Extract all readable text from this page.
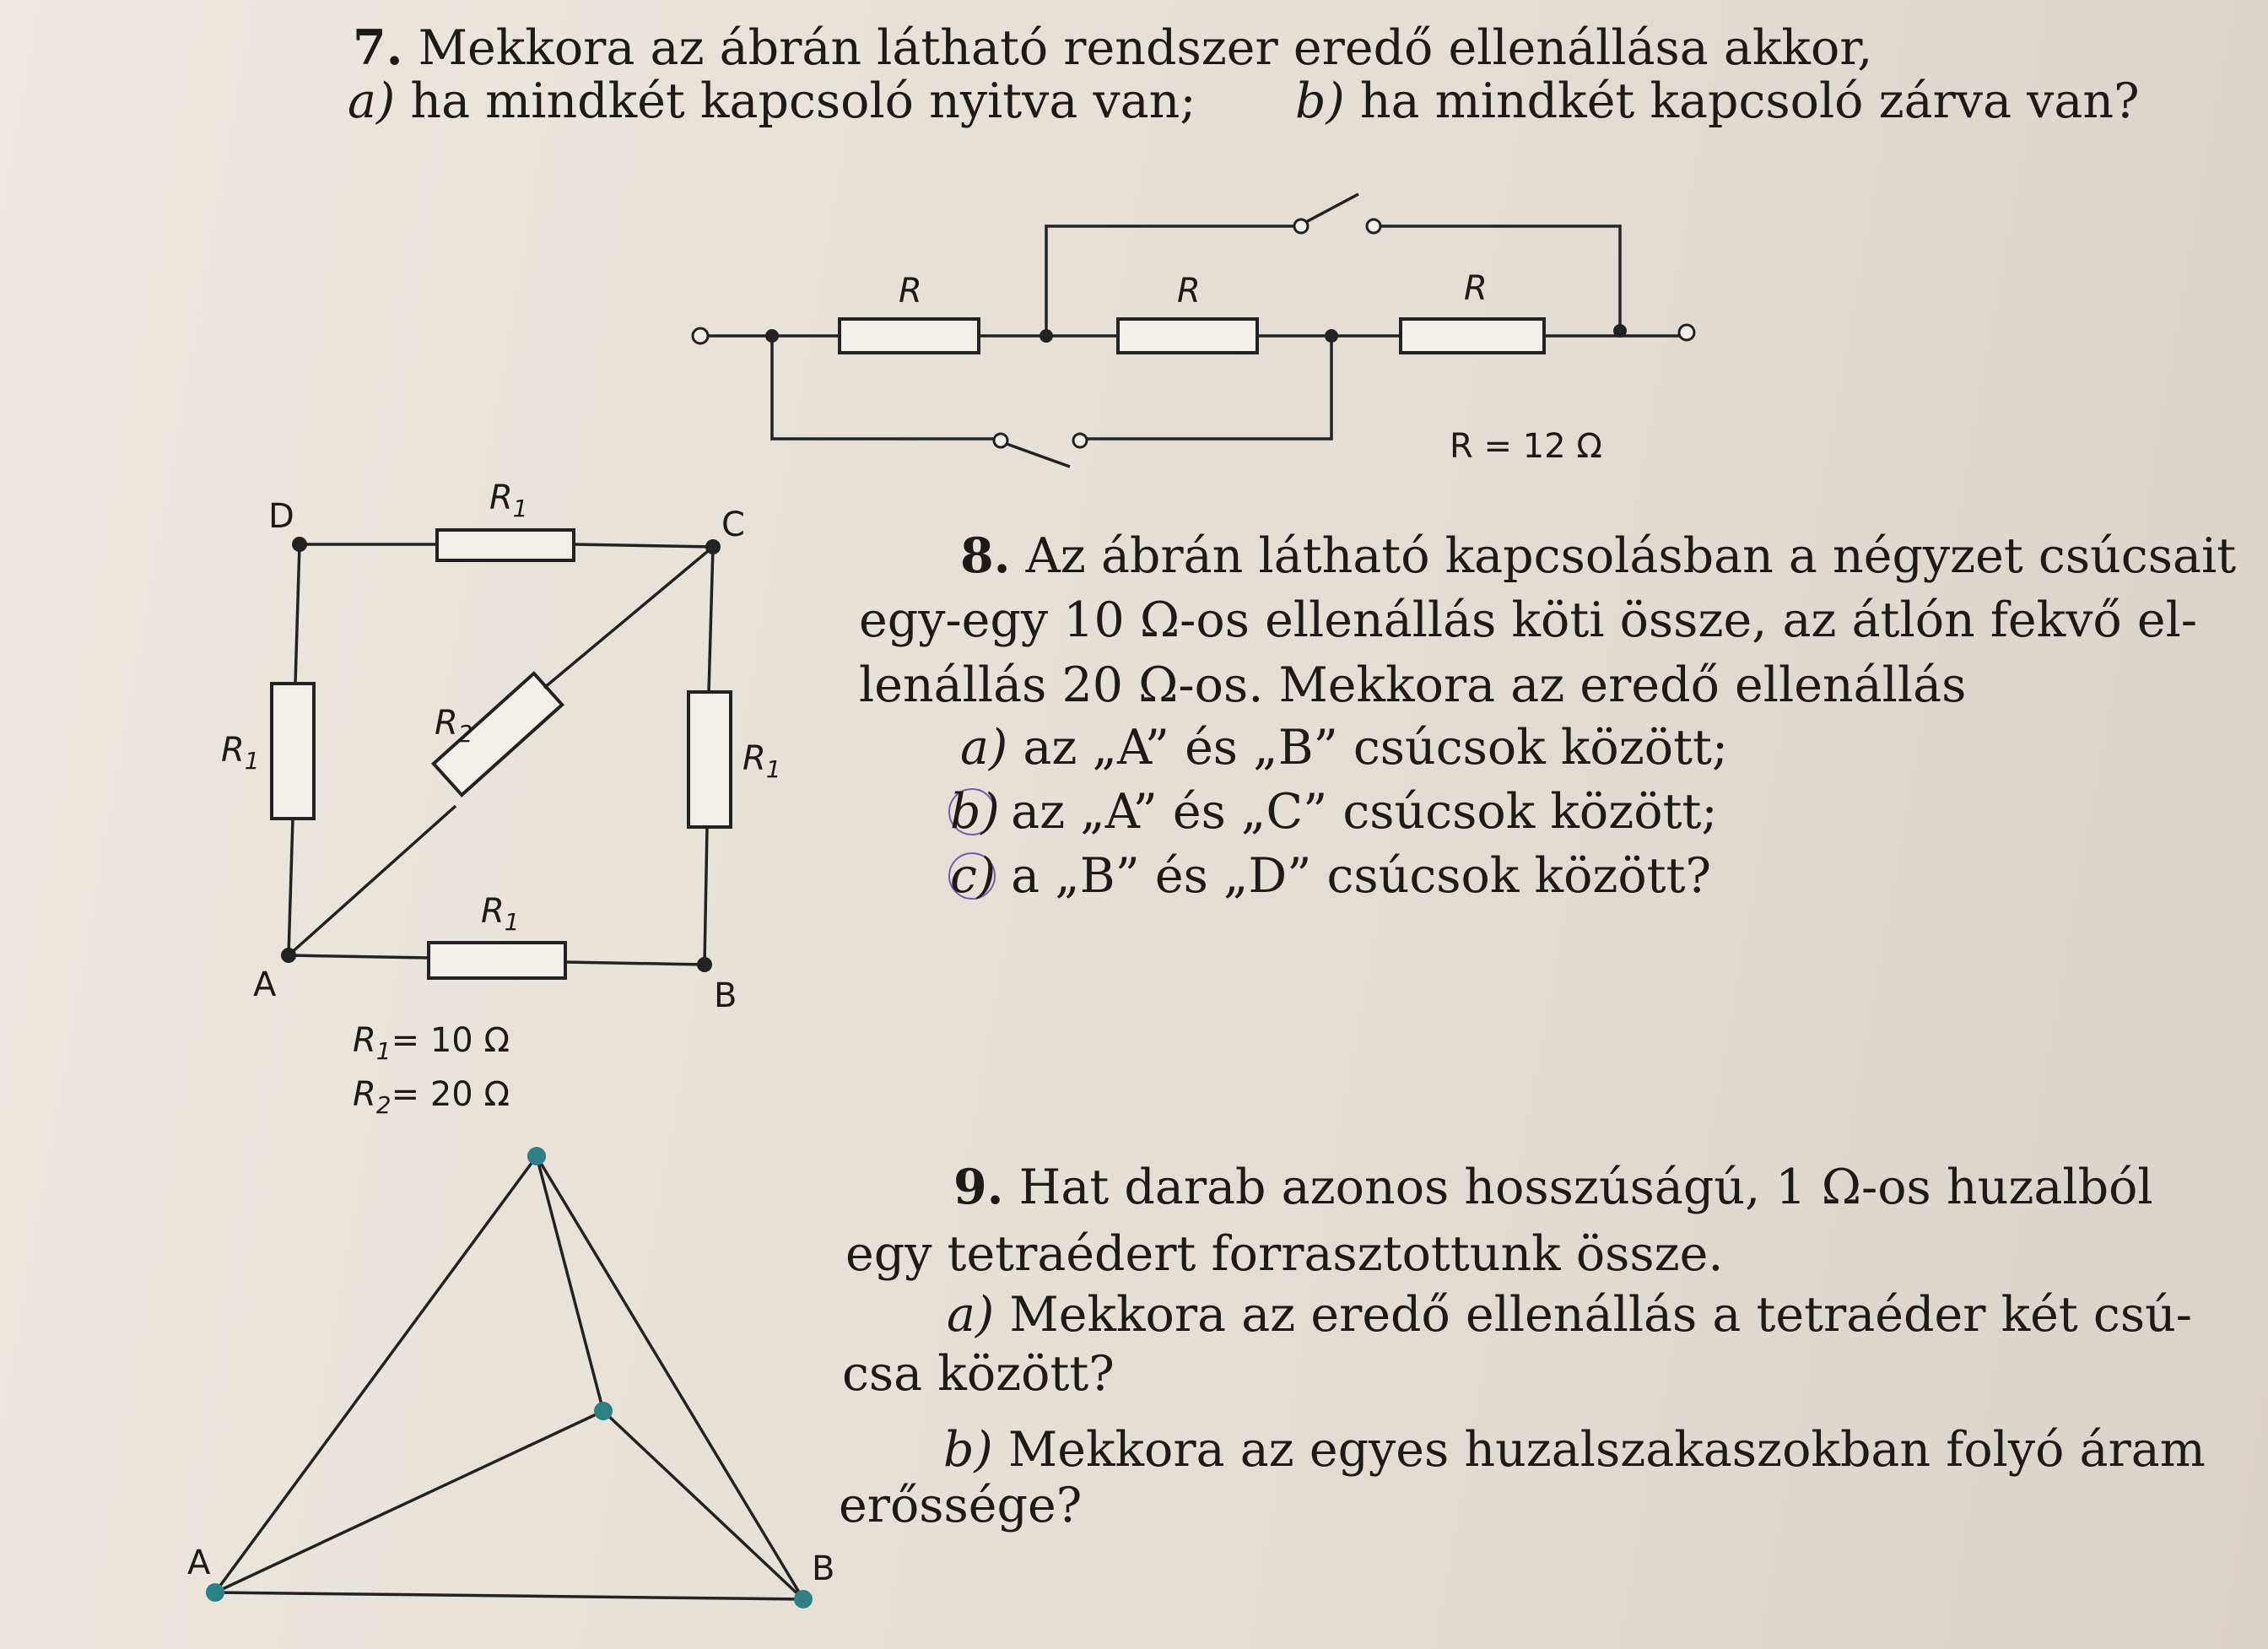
7. Mekkora az ábrán látható rendszer eredő ellenállása akkor,
a) ha mindkét kapcsoló nyitva van; b) ha mindkét kapcsoló zárva van?
8. Az ábrán látható kapcsolásban a négyzet csúcsait
egy-egy 10 Ω-os ellenállás köti össze, az átlón fekvő el-
lenállás 20 Ω-os. Mekkora az eredő ellenállás
a) az „A” és „B” csúcsok között;
b) az „A” és „C” csúcsok között;
c) a „B” és „D” csúcsok között?
9. Hat darab azonos hosszúságú, 1 Ω-os huzalból
egy tetraédert forrasztottunk össze.
a) Mekkora az eredő ellenállás a tetraéder két csú-
csa között?
b) Mekkora az egyes huzalszakaszokban folyó áram
erőssége?
R	R	R
R = 12 Ω
D	C
A	B
$R_1$
$R_1$	$R_1$
$R_2$
$R_1$
$R_1= 10$ Ω
$R_2= 20$ Ω
A	B
